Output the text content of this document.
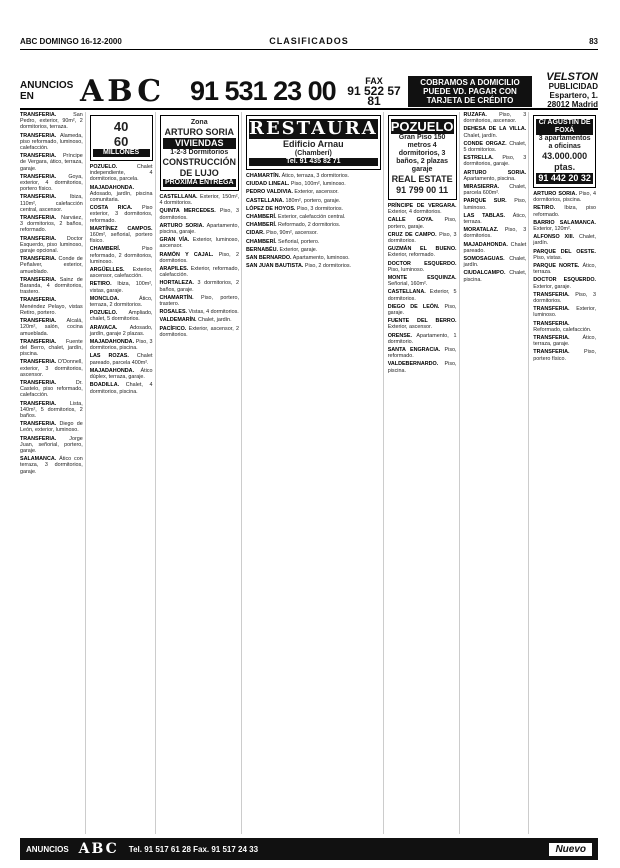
ABC DOMINGO 16-12-2000	CLASIFICADOS	83
ANUNCIOS
EN	ABC 91 531 23 00	FAX
91 522 57 81
COBRAMOS A DOMICILIO PUEDE VD. PAGAR CON TARJETA DE CRÉDITO
VELSTON
PUBLICIDAD
Espartero, 1. 28012 Madrid

TRANSFERIA. San Pedro, exterior, 90m², 2 dormitorios, terraza.

TRANSFERIA. Alameda, piso reformado, luminoso, calefacción.

TRANSFERIA. Príncipe de Vergara, ático, terraza, garaje.

TRANSFERIA. Goya, exterior, 4 dormitorios, portero físico.

TRANSFERIA. Ibiza, 110m², calefacción central, ascensor.

TRANSFERIA. Narváez, 3 dormitorios, 2 baños, reformado.

TRANSFERIA. Doctor Esquerdo, piso luminoso, garaje opcional.

TRANSFERIA. Conde de Peñalver, exterior, amueblado.

TRANSFERIA. Sainz de Baranda, 4 dormitorios, trastero.

TRANSFERIA. Menéndez Pelayo, vistas Retiro, portero.

TRANSFERIA. Alcalá, 120m², salón, cocina amueblada.

TRANSFERIA. Fuente del Berro, chalet, jardín, piscina.

TRANSFERIA. O'Donnell, exterior, 3 dormitorios, ascensor.

TRANSFERIA. Dr. Castelo, piso reformado, calefacción.

TRANSFERIA. Lista, 140m², 5 dormitorios, 2 baños.

TRANSFERIA. Diego de León, exterior, luminoso.

TRANSFERIA. Jorge Juan, señorial, portero, garaje.

SALAMANCA. Ático con terraza, 3 dormitorios, garaje.

40
60
MILLONES

POZUELO. Chalet independiente, 4 dormitorios, parcela.

MAJADAHONDA. Adosado, jardín, piscina comunitaria.

COSTA RICA. Piso exterior, 3 dormitorios, reformado.

MARTÍNEZ CAMPOS. 160m², señorial, portero físico.

CHAMBERÍ. Piso reformado, 2 dormitorios, luminoso.

ARGÜELLES. Exterior, ascensor, calefacción.

RETIRO. Ibiza, 100m², vistas, garaje.

MONCLOA. Ático, terraza, 2 dormitorios.

POZUELO. Ampliado, chalet, 5 dormitorios.

ARAVACA. Adosado, jardín, garaje 2 plazas.

MAJADAHONDA. Piso, 3 dormitorios, piscina.

LAS ROZAS. Chalet pareado, parcela 400m².

MAJADAHONDA. Ático dúplex, terraza, garaje.

BOADILLA. Chalet, 4 dormitorios, piscina.

Zona
ARTURO SORIA
VIVIENDAS
1-2-3 Dormitorios
CONSTRUCCIÓN DE LUJO
PRÓXIMA ENTREGA

CASTELLANA. Exterior, 150m², 4 dormitorios.

QUINTA MERCEDES. Piso, 3 dormitorios.

ARTURO SORIA. Apartamento, piscina, garaje.

GRAN VÍA. Exterior, luminoso, ascensor.

RAMÓN Y CAJAL. Piso, 2 dormitorios.

ARAPILES. Exterior, reformado, calefacción.

HORTALEZA. 3 dormitorios, 2 baños, garaje.

CHAMARTÍN. Piso, portero, trastero.

ROSALES. Vistas, 4 dormitorios.

VALDEMARÍN. Chalet, jardín.

PACÍFICO. Exterior, ascensor, 2 dormitorios.

RESTAURA
Edificio Arnau
(Chamberí)
Tel. 91 435 82 71

CHAMARTÍN. Ático, terraza, 3 dormitorios.

CIUDAD LINEAL. Piso, 100m², luminoso.

PEDRO VALDIVIA. Exterior, ascensor.

CASTELLANA. 180m², portero, garaje.

LÓPEZ DE HOYOS. Piso, 3 dormitorios.

CHAMBERÍ. Exterior, calefacción central.

CHAMBERÍ. Reformado, 2 dormitorios.

CIDAR. Piso, 90m², ascensor.

CHAMBERÍ. Señorial, portero.

BERNABÉU. Exterior, garaje.

SAN BERNARDO. Apartamento, luminoso.

SAN JUAN BAUTISTA. Piso, 2 dormitorios.

POZUELO
Gran Piso 150 metros 4 dormitorios, 3 baños, 2 plazas garaje
REAL ESTATE
91 799 00 11

PRÍNCIPE DE VERGARA. Exterior, 4 dormitorios.

CALLE GOYA. Piso, portero, garaje.

CRUZ DE CAMPO. Piso, 3 dormitorios.

GUZMÁN EL BUENO. Exterior, reformado.

DOCTOR ESQUERDO. Piso, luminoso.

MONTE ESQUINZA. Señorial, 160m².

CASTELLANA. Exterior, 5 dormitorios.

DIEGO DE LEÓN. Piso, garaje.

FUENTE DEL BERRO. Exterior, ascensor.

ORENSE. Apartamento, 1 dormitorio.

SANTA ENGRACIA. Piso, reformado.

VALDEBERNARDO. Piso, piscina.

RUZAFA. Piso, 3 dormitorios, ascensor.

DEHESA DE LA VILLA. Chalet, jardín.

CONDE ORGAZ. Chalet, 5 dormitorios.

ESTRELLA. Piso, 3 dormitorios, garaje.

ARTURO SORIA. Apartamento, piscina.

MIRASIERRA. Chalet, parcela 600m².

PARQUE SUR. Piso, luminoso.

LAS TABLAS. Ático, terraza.

MORATALAZ. Piso, 3 dormitorios.

MAJADAHONDA. Chalet pareado.

SOMOSAGUAS. Chalet, jardín.

CIUDALCAMPO. Chalet, piscina.

C/ AGUSTÍN DE FOXÁ
3 apartamentos a oficinas
43.000.000 ptas.
91 442 20 32

ARTURO SORIA. Piso, 4 dormitorios, piscina.

RETIRO. Ibiza, piso reformado.

BARRIO SALAMANCA. Exterior, 120m².

ALFONSO XIII. Chalet, jardín.

PARQUE DEL OESTE. Piso, vistas.

PARQUE NORTE. Ático, terraza.

DOCTOR ESQUERDO. Exterior, garaje.

TRANSFERIA. Piso, 3 dormitorios.

TRANSFERIA. Exterior, luminoso.

TRANSFERIA. Reformado, calefacción.

TRANSFERIA. Ático, terraza, garaje.

TRANSFERIA. Piso, portero físico.

ANUNCIOS ABC Tel. 91 517 61 28 Fax. 91 517 24 33	Nuevo
